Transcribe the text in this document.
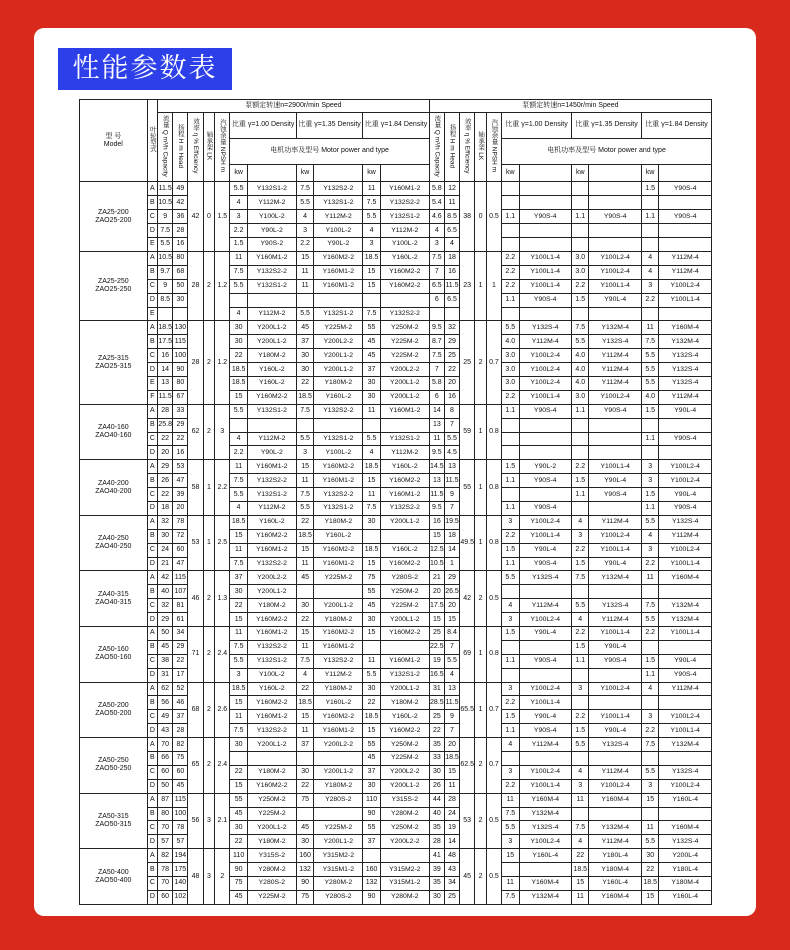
性能参数表
型 号
Model	叶轮型式	泵额定转速n=2900r/min Speed											泵额定转速n=1450r/min Speed										
		流量 Q m³/h Capacity	扬程 H m Head	效率 η % Efficiency	轴承架 LK	汽蚀余量 NPSH m	比重 γ=1.00 Density		比重 γ=1.35 Density		比重 γ=1.84 Density		流量 Q m³/h Capacity	扬程 H m Head	效率 η % Efficiency	轴承架 LK	汽蚀余量 NPSH m	比重 γ=1.00 Density		比重 γ=1.35 Density		比重 γ=1.84 Density	
							电机功率及型号 Motor power and type											电机功率及型号 Motor power and type					
							kw		kw		kw							kw		kw		kw	

ZA25-200
ZAO25-200	A	11.5	49	42	0	1.5	5.5	Y132S1-2	7.5	Y132S2-2	11	Y160M1-2	5.8	12	38	0	0.5					1.5	Y90S-4
	B	10.5	42				4	Y112M-2	5.5	Y132S1-2	7.5	Y132S2-2	5.4	11									
	C	9	36				3	Y100L-2	4	Y112M-2	5.5	Y132S1-2	4.6	8.5				1.1	Y90S-4	1.1	Y90S-4	1.1	Y90S-4
	D	7.5	28				2.2	Y90L-2	3	Y100L-2	4	Y112M-2	4	6.5									
	E	5.5	16				1.5	Y90S-2	2.2	Y90L-2	3	Y100L-2	3	4									

ZA25-250
ZAO25-250	A	10.5	80	28	2	1.2	11	Y160M1-2	15	Y160M2-2	18.5	Y160L-2	7.5	18	23	1	1	2.2	Y100L1-4	3.0	Y100L2-4	4	Y112M-4
	B	9.7	68				7.5	Y132S2-2	11	Y160M1-2	15	Y160M2-2	7	16				2.2	Y100L1-4	3.0	Y100L2-4	4	Y112M-4
	C	9	50				5.5	Y132S1-2	11	Y160M1-2	15	Y160M2-2	6.5	11.5				2.2	Y100L1-4	2.2	Y100L1-4	3	Y100L2-4
	D	8.5	30										6	6.5				1.1	Y90S-4	1.5	Y90L-4	2.2	Y100L1-4
	E						4	Y112M-2	5.5	Y132S1-2	7.5	Y132S2-2											

ZA25-315
ZAO25-315	A	18.5	130	28	2	1.2	30	Y200L1-2	45	Y225M-2	55	Y250M-2	9.5	32	25	2	0.7	5.5	Y132S-4	7.5	Y132M-4	11	Y160M-4
	B	17.5	115				30	Y200L1-2	37	Y200L2-2	45	Y225M-2	8.7	29				4.0	Y112M-4	5.5	Y132S-4	7.5	Y132M-4
	C	16	100				22	Y180M-2	30	Y200L1-2	45	Y225M-2	7.5	25				3.0	Y100L2-4	4.0	Y112M-4	5.5	Y132S-4
	D	14	90				18.5	Y160L-2	30	Y200L1-2	37	Y200L2-2	7	22				3.0	Y100L2-4	4.0	Y112M-4	5.5	Y132S-4
	E	13	80				18.5	Y160L-2	22	Y180M-2	30	Y200L1-2	5.8	20				3.0	Y100L2-4	4.0	Y112M-4	5.5	Y132S-4
	F	11.5	67				15	Y160M2-2	18.5	Y160L-2	30	Y200L1-2	6	16				2.2	Y100L1-4	3.0	Y100L2-4	4.0	Y112M-4

ZA40-160
ZAO40-160	A	28	33	62	2	3	5.5	Y132S1-2	7.5	Y132S2-2	11	Y160M1-2	14	8	59	1	0.8	1.1	Y90S-4	1.1	Y90S-4	1.5	Y90L-4
	B	25.8	29										13	7									
	C	22	22				4	Y112M-2	5.5	Y132S1-2	5.5	Y132S1-2	11	5.5								1.1	Y90S-4
	D	20	16				2.2	Y90L-2	3	Y100L-2	4	Y112M-2	9.5	4.5									

ZA40-200
ZAO40-200	A	29	53	58	1	2.2	11	Y160M1-2	15	Y160M2-2	18.5	Y160L-2	14.5	13	55	1	0.8	1.5	Y90L-2	2.2	Y100L1-4	3	Y100L2-4
	B	26	47				7.5	Y132S2-2	11	Y160M1-2	15	Y160M2-2	13	11.5				1.1	Y90S-4	1.5	Y90L-4	3	Y100L2-4
	C	22	39				5.5	Y132S1-2	7.5	Y132S2-2	11	Y160M1-2	11.5	9						1.1	Y90S-4	1.5	Y90L-4
	D	18	20				4	Y112M-2	5.5	Y132S1-2	7.5	Y132S2-2	9.5	7				1.1	Y90S-4			1.1	Y90S-4

ZA40-250
ZAO40-250	A	32	78	53	1	2.5	18.5	Y160L-2	22	Y180M-2	30	Y200L1-2	16	19.5	49.5	1	0.8	3	Y100L2-4	4	Y112M-4	5.5	Y132S-4
	B	30	72				15	Y160M2-2	18.5	Y160L-2			15	18				2.2	Y100L1-4	3	Y100L2-4	4	Y112M-4
	C	24	60				11	Y160M1-2	15	Y160M2-2	18.5	Y160L-2	12.5	14				1.5	Y90L-4	2.2	Y100L1-4	3	Y100L2-4
	D	21	47				7.5	Y132S2-2	11	Y160M1-2	15	Y160M2-2	10.5	1				1.1	Y90S-4	1.5	Y90L-4	2.2	Y100L1-4

ZA40-315
ZAO40-315	A	42	115	46	2	1.3	37	Y200L2-2	45	Y225M-2	75	Y280S-2	21	29	42	2	0.5	5.5	Y132S-4	7.5	Y132M-4	11	Y160M-4
	B	40	107				30	Y200L1-2			55	Y250M-2	20	26.5									
	C	32	81				22	Y180M-2	30	Y200L1-2	45	Y225M-2	17.5	20				4	Y112M-4	5.5	Y132S-4	7.5	Y132M-4
	D	29	61				15	Y160M2-2	22	Y180M-2	30	Y200L1-2	15	15				3	Y100L2-4	4	Y112M-4	5.5	Y132M-4

ZA50-160
ZAO50-160	A	50	34	71	2	2.4	11	Y160M1-2	15	Y160M2-2	15	Y160M2-2	25	8.4	69	1	0.8	1.5	Y90L-4	2.2	Y100L1-4	2.2	Y100L1-4
	B	45	29				7.5	Y132S2-2	11	Y160M1-2			22.5	7						1.5	Y90L-4		
	C	38	22				5.5	Y132S1-2	7.5	Y132S2-2	11	Y160M1-2	19	5.5				1.1	Y90S-4	1.1	Y90S-4	1.5	Y90L-4
	D	31	17				3	Y100L-2	4	Y112M-2	5.5	Y132S1-2	16.5	4								1.1	Y90S-4

ZA50-200
ZAO50-200	A	62	52	68	2	2.6	18.5	Y160L-2	22	Y180M-2	30	Y200L1-2	31	13	65.5	1	0.7	3	Y100L2-4	3	Y100L2-4	4	Y112M-4
	B	56	46				15	Y160M2-2	18.5	Y160L-2	22	Y180M-2	28.5	11.5				2.2	Y100L1-4				
	C	49	37				11	Y160M1-2	15	Y160M2-2	18.5	Y160L-2	25	9				1.5	Y90L-4	2.2	Y100L1-4	3	Y100L2-4
	D	43	28				7.5	Y132S2-2	11	Y160M1-2	15	Y160M2-2	22	7				1.1	Y90S-4	1.5	Y90L-4	2.2	Y100L1-4

ZA50-250
ZAO50-250	A	70	82	65	2	2.4	30	Y200L1-2	37	Y200L2-2	55	Y250M-2	35	20	62.5	2	0.7	4	Y112M-4	5.5	Y132S-4	7.5	Y132M-4
	B	66	75								45	Y225M-2	33	18.5									
	C	60	60				22	Y180M-2	30	Y200L1-2	37	Y200L2-2	30	15				3	Y100L2-4	4	Y112M-4	5.5	Y132S-4
	D	50	45				15	Y160M2-2	22	Y180M-2	30	Y200L1-2	26	11				2.2	Y100L1-4	3	Y100L2-4	3	Y100L2-4

ZA50-315
ZAO50-315	A	87	115	56	3	2.1	55	Y250M-2	75	Y280S-2	110	Y315S-2	44	28	53	2	0.5	11	Y160M-4	11	Y160M-4	15	Y160L-4
	B	80	100				45	Y225M-2			90	Y280M-2	40	24				7.5	Y132M-4				
	C	70	78				30	Y200L1-2	45	Y225M-2	55	Y250M-2	35	19				5.5	Y132S-4	7.5	Y132M-4	11	Y160M-4
	D	57	57				22	Y180M-2	30	Y200L1-2	37	Y200L2-2	28	14				3	Y100L2-4	4	Y112M-4	5.5	Y132S-4

ZA50-400
ZAO50-400	A	82	194	48	3	2	110	Y315S-2	160	Y315M2-2			41	48	45	2	0.5	15	Y160L-4	22	Y180L-4	30	Y200L-4
	B	78	175				90	Y280M-2	132	Y315M1-2	160	Y315M2-2	39	43						18.5	Y180M-4	22	Y180L-4
	C	70	140				75	Y280S-2	90	Y280M-2	132	Y315M1-2	35	34				11	Y160M-4	15	Y160L-4	18.5	Y180M-4
	D	60	102				45	Y225M-2	75	Y280S-2	90	Y280M-2	30	25				7.5	Y132M-4	11	Y160M-4	15	Y160L-4
